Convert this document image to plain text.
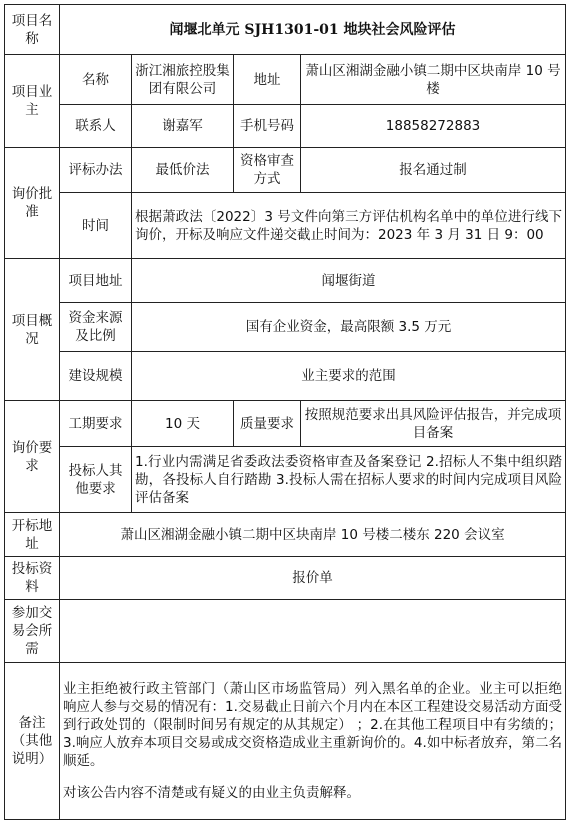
项目名称	闻堰北单元 SJH1301-01 地块社会风险评估			
项目业主	名称	浙江湘旅控股集团有限公司	地址	萧山区湘湖金融小镇二期中区块南岸 10 号楼
	联系人	谢嘉军	手机号码	18858272883
询价批准	评标办法	最低价法	资格审查方式	报名通过制
	时间	根据萧政法〔2022〕3 号文件向第三方评估机构名单中的单位进行线下询价，开标及响应文件递交截止时间为：2023 年 3 月 31 日 9：00		
项目概况	项目地址	闻堰街道		
	资金来源及比例	国有企业资金，最高限额 3.5 万元		
	建设规模	业主要求的范围		
询价要求	工期要求	10 天	质量要求	按照规范要求出具风险评估报告，并完成项目备案
	投标人其他要求	1.行业内需满足省委政法委资格审查及备案登记 2.招标人不集中组织踏勘，各投标人自行踏勘 3.投标人需在招标人要求的时间内完成项目风险评估备案		
开标地址	萧山区湘湖金融小镇二期中区块南岸 10 号楼二楼东 220 会议室			
投标资料	报价单			
参加交易会所需				
备注（其他说明）	业主拒绝被行政主管部门（萧山区市场监管局）列入黑名单的企业。业主可以拒绝响应人参与交易的情况有：1.交易截止日前六个月内在本区工程建设交易活动方面受到行政处罚的（限制时间另有规定的从其规定） ；2.在其他工程项目中有劣绩的； 3.响应人放弃本项目交易或成交资格造成业主重新询价的。4.如中标者放弃，第二名顺延。
对该公告内容不清楚或有疑义的由业主负责解释。			
